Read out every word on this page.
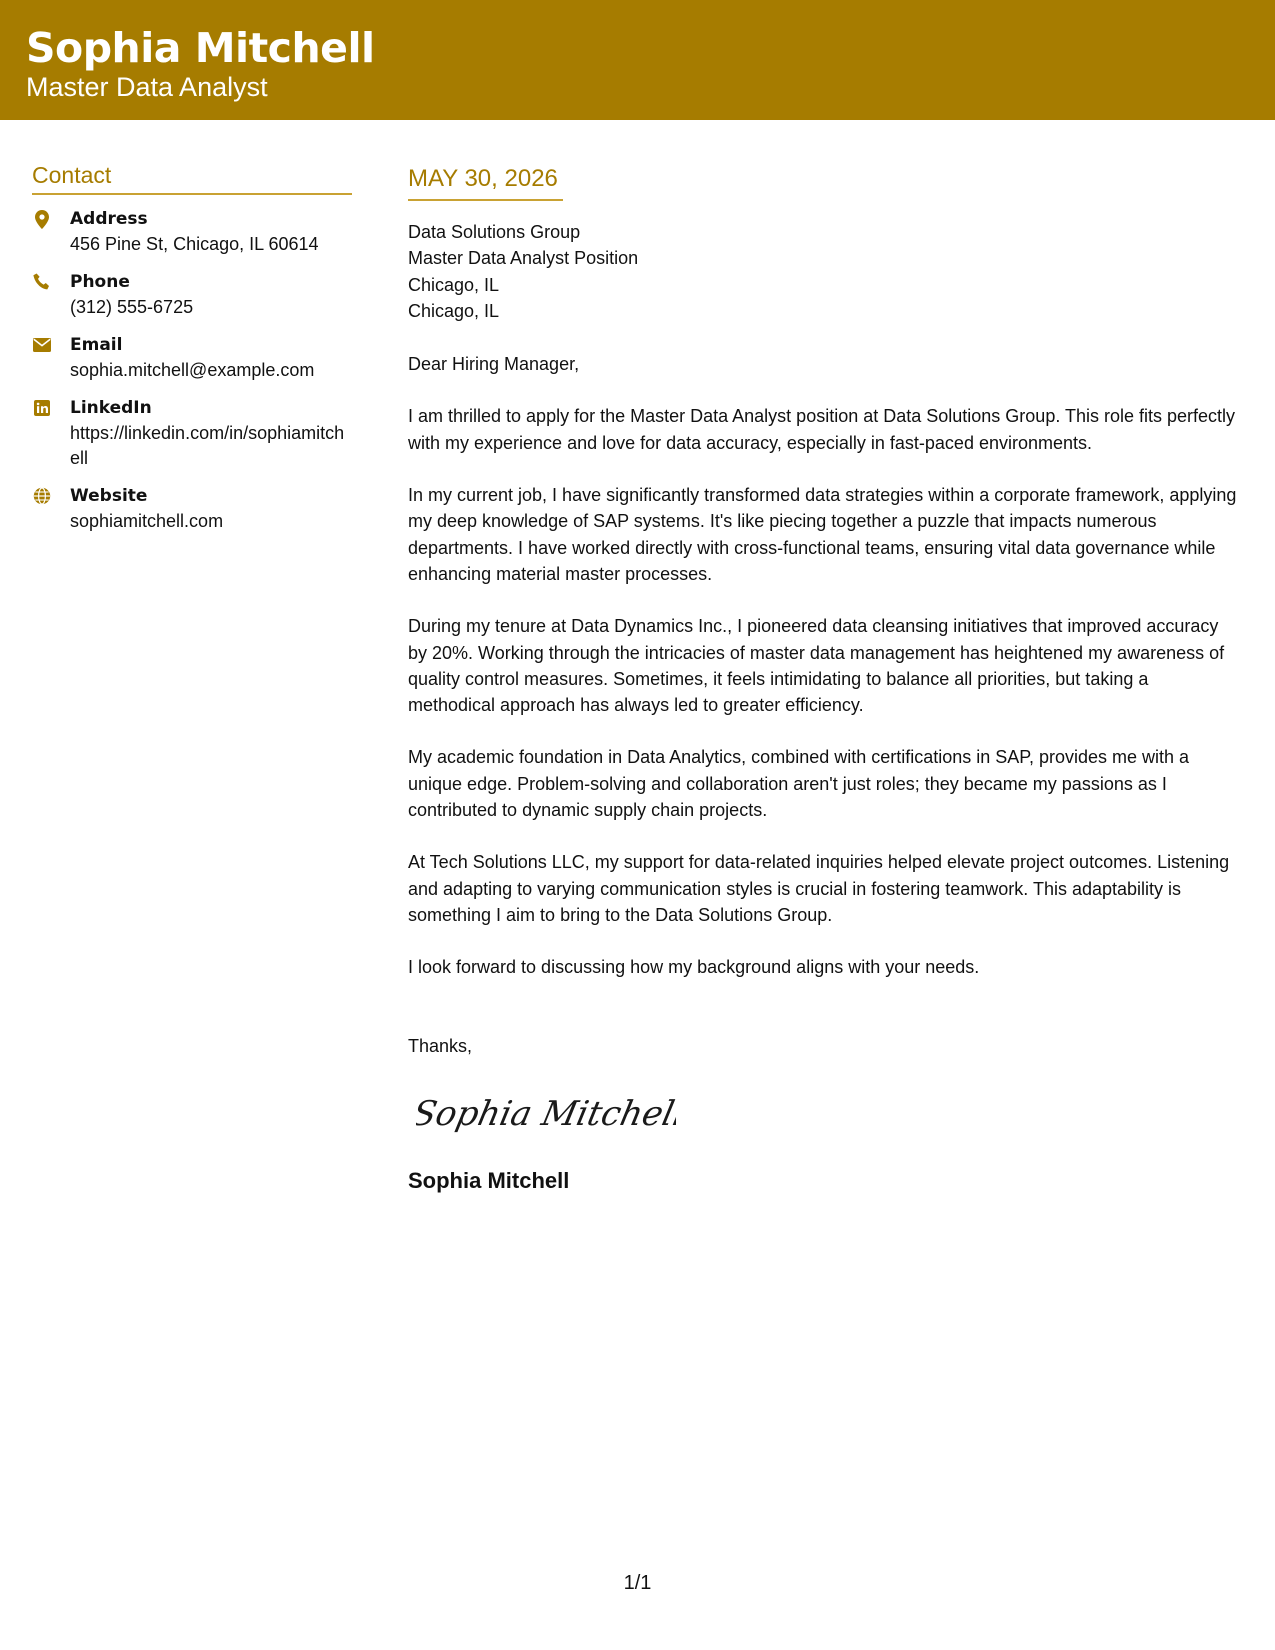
Sophia Mitchell
Master Data Analyst
Contact
Address
456 Pine St, Chicago, IL 60614
Phone
(312) 555-6725
Email
sophia.mitchell@example.com
LinkedIn
https://linkedin.com/in/sophiamitchell
Website
sophiamitchell.com
MAY 30, 2026
Data Solutions Group
Master Data Analyst Position
Chicago, IL
Chicago, IL
Dear Hiring Manager,
I am thrilled to apply for the Master Data Analyst position at Data Solutions Group. This role fits perfectly with my experience and love for data accuracy, especially in fast-paced environments.
In my current job, I have significantly transformed data strategies within a corporate framework, applying my deep knowledge of SAP systems. It's like piecing together a puzzle that impacts numerous departments. I have worked directly with cross-functional teams, ensuring vital data governance while enhancing material master processes.
During my tenure at Data Dynamics Inc., I pioneered data cleansing initiatives that improved accuracy by 20%. Working through the intricacies of master data management has heightened my awareness of quality control measures. Sometimes, it feels intimidating to balance all priorities, but taking a methodical approach has always led to greater efficiency.
My academic foundation in Data Analytics, combined with certifications in SAP, provides me with a unique edge. Problem-solving and collaboration aren't just roles; they became my passions as I contributed to dynamic supply chain projects.
At Tech Solutions LLC, my support for data-related inquiries helped elevate project outcomes. Listening and adapting to varying communication styles is crucial in fostering teamwork. This adaptability is something I aim to bring to the Data Solutions Group.
I look forward to discussing how my background aligns with your needs.
Thanks,
Sophia Mitchell
Sophia Mitchell
1/1
